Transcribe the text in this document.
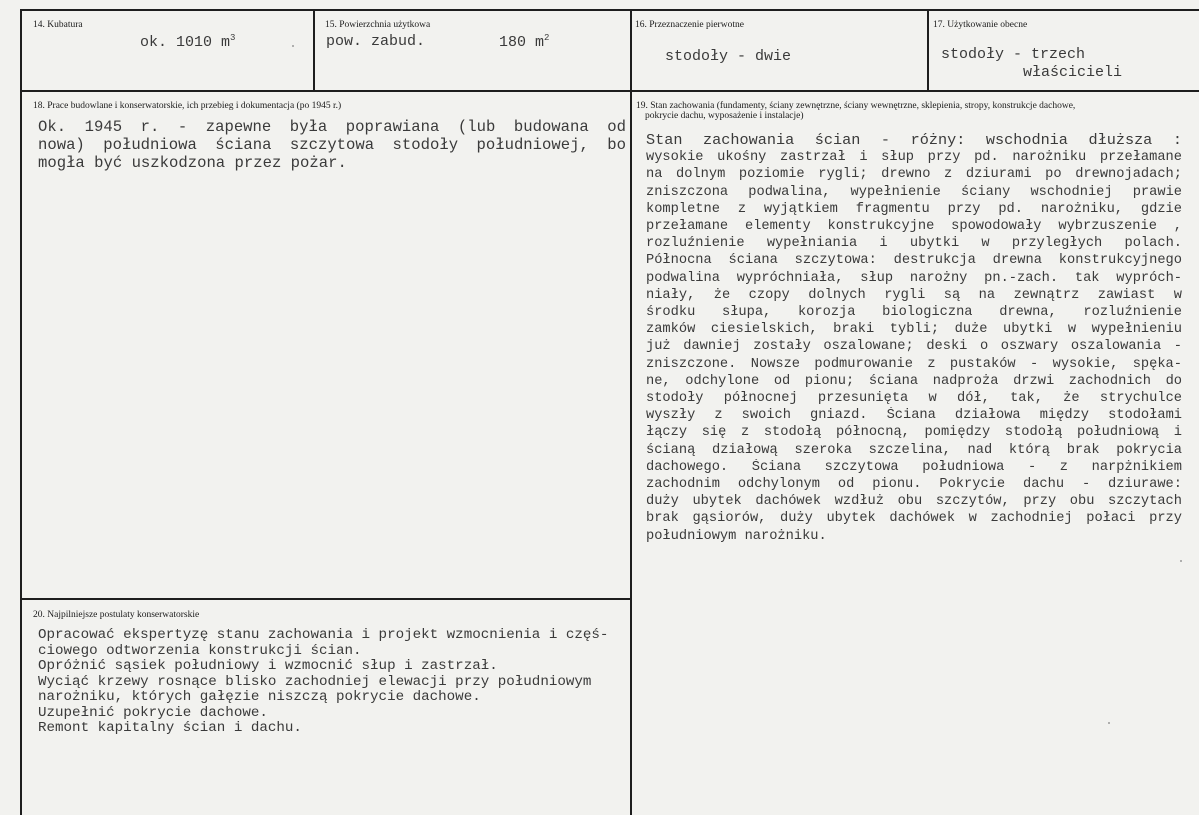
14. Kubatura
ok. 1010 $m^3$
15. Powierzchnia użytkowa
pow. zabud.	180 $m^2$
16. Przeznaczenie pierwotne
stodoły - dwie
17. Użytkowanie obecne
stodoły - trzech
właścicieli
18. Prace budowlane i konserwatorskie, ich przebieg i dokumentacja (po 1945 r.)
Ok. 1945 r. - zapewne była poprawiana (lub budowana od
nowa) południowa ściana szczytowa stodoły południowej, bo
mogła być uszkodzona przez pożar.
19. Stan zachowania (fundamenty, ściany zewnętrzne, ściany wewnętrzne, sklepienia, stropy, konstrukcje dachowe,
pokrycie dachu, wyposażenie i instalacje)
Stan zachowania ścian - różny: wschodnia dłuższa :
wysokie ukośny zastrzał i słup przy pd. narożniku przełamane
na dolnym poziomie rygli; drewno z dziurami po drewnojadach;
zniszczona podwalina, wypełnienie ściany wschodniej prawie
kompletne z wyjątkiem fragmentu przy pd. narożniku, gdzie
przełamane elementy konstrukcyjne spowodowały wybrzuszenie ,
rozluźnienie wypełniania i ubytki w przyległych polach.
Północna ściana szczytowa: destrukcja drewna konstrukcyjnego
podwalina wypróchniała, słup narożny pn.-zach. tak wypróch-
niały, że czopy dolnych rygli są na zewnątrz zawiast w
środku słupa, korozja biologiczna drewna, rozluźnienie
zamków ciesielskich, braki tybli; duże ubytki w wypełnieniu
już dawniej zostały oszalowane; deski o oszwary oszalowania -
zniszczone. Nowsze podmurowanie z pustaków - wysokie, spęka-
ne, odchylone od pionu; ściana nadproża drzwi zachodnich do
stodoły północnej przesunięta w dół, tak, że strychulce
wyszły z swoich gniazd. Ściana działowa między stodołami
łączy się z stodołą północną, pomiędzy stodołą południową i
ścianą działową szeroka szczelina, nad którą brak pokrycia
dachowego. Ściana szczytowa południowa - z narpżnikiem
zachodnim odchylonym od pionu. Pokrycie dachu - dziurawe:
duży ubytek dachówek wzdłuż obu szczytów, przy obu szczytach
brak gąsiorów, duży ubytek dachówek w zachodniej połaci przy
południowym narożniku.
20. Najpilniejsze postulaty konserwatorskie
Opracować ekspertyzę stanu zachowania i projekt wzmocnienia i częś-
ciowego odtworzenia konstrukcji ścian.
Opróżnić sąsiek południowy i wzmocnić słup i zastrzał.
Wyciąć krzewy rosnące blisko zachodniej elewacji przy południowym
narożniku, których gałęzie niszczą pokrycie dachowe.
Uzupełnić pokrycie dachowe.
Remont kapitalny ścian i dachu.
